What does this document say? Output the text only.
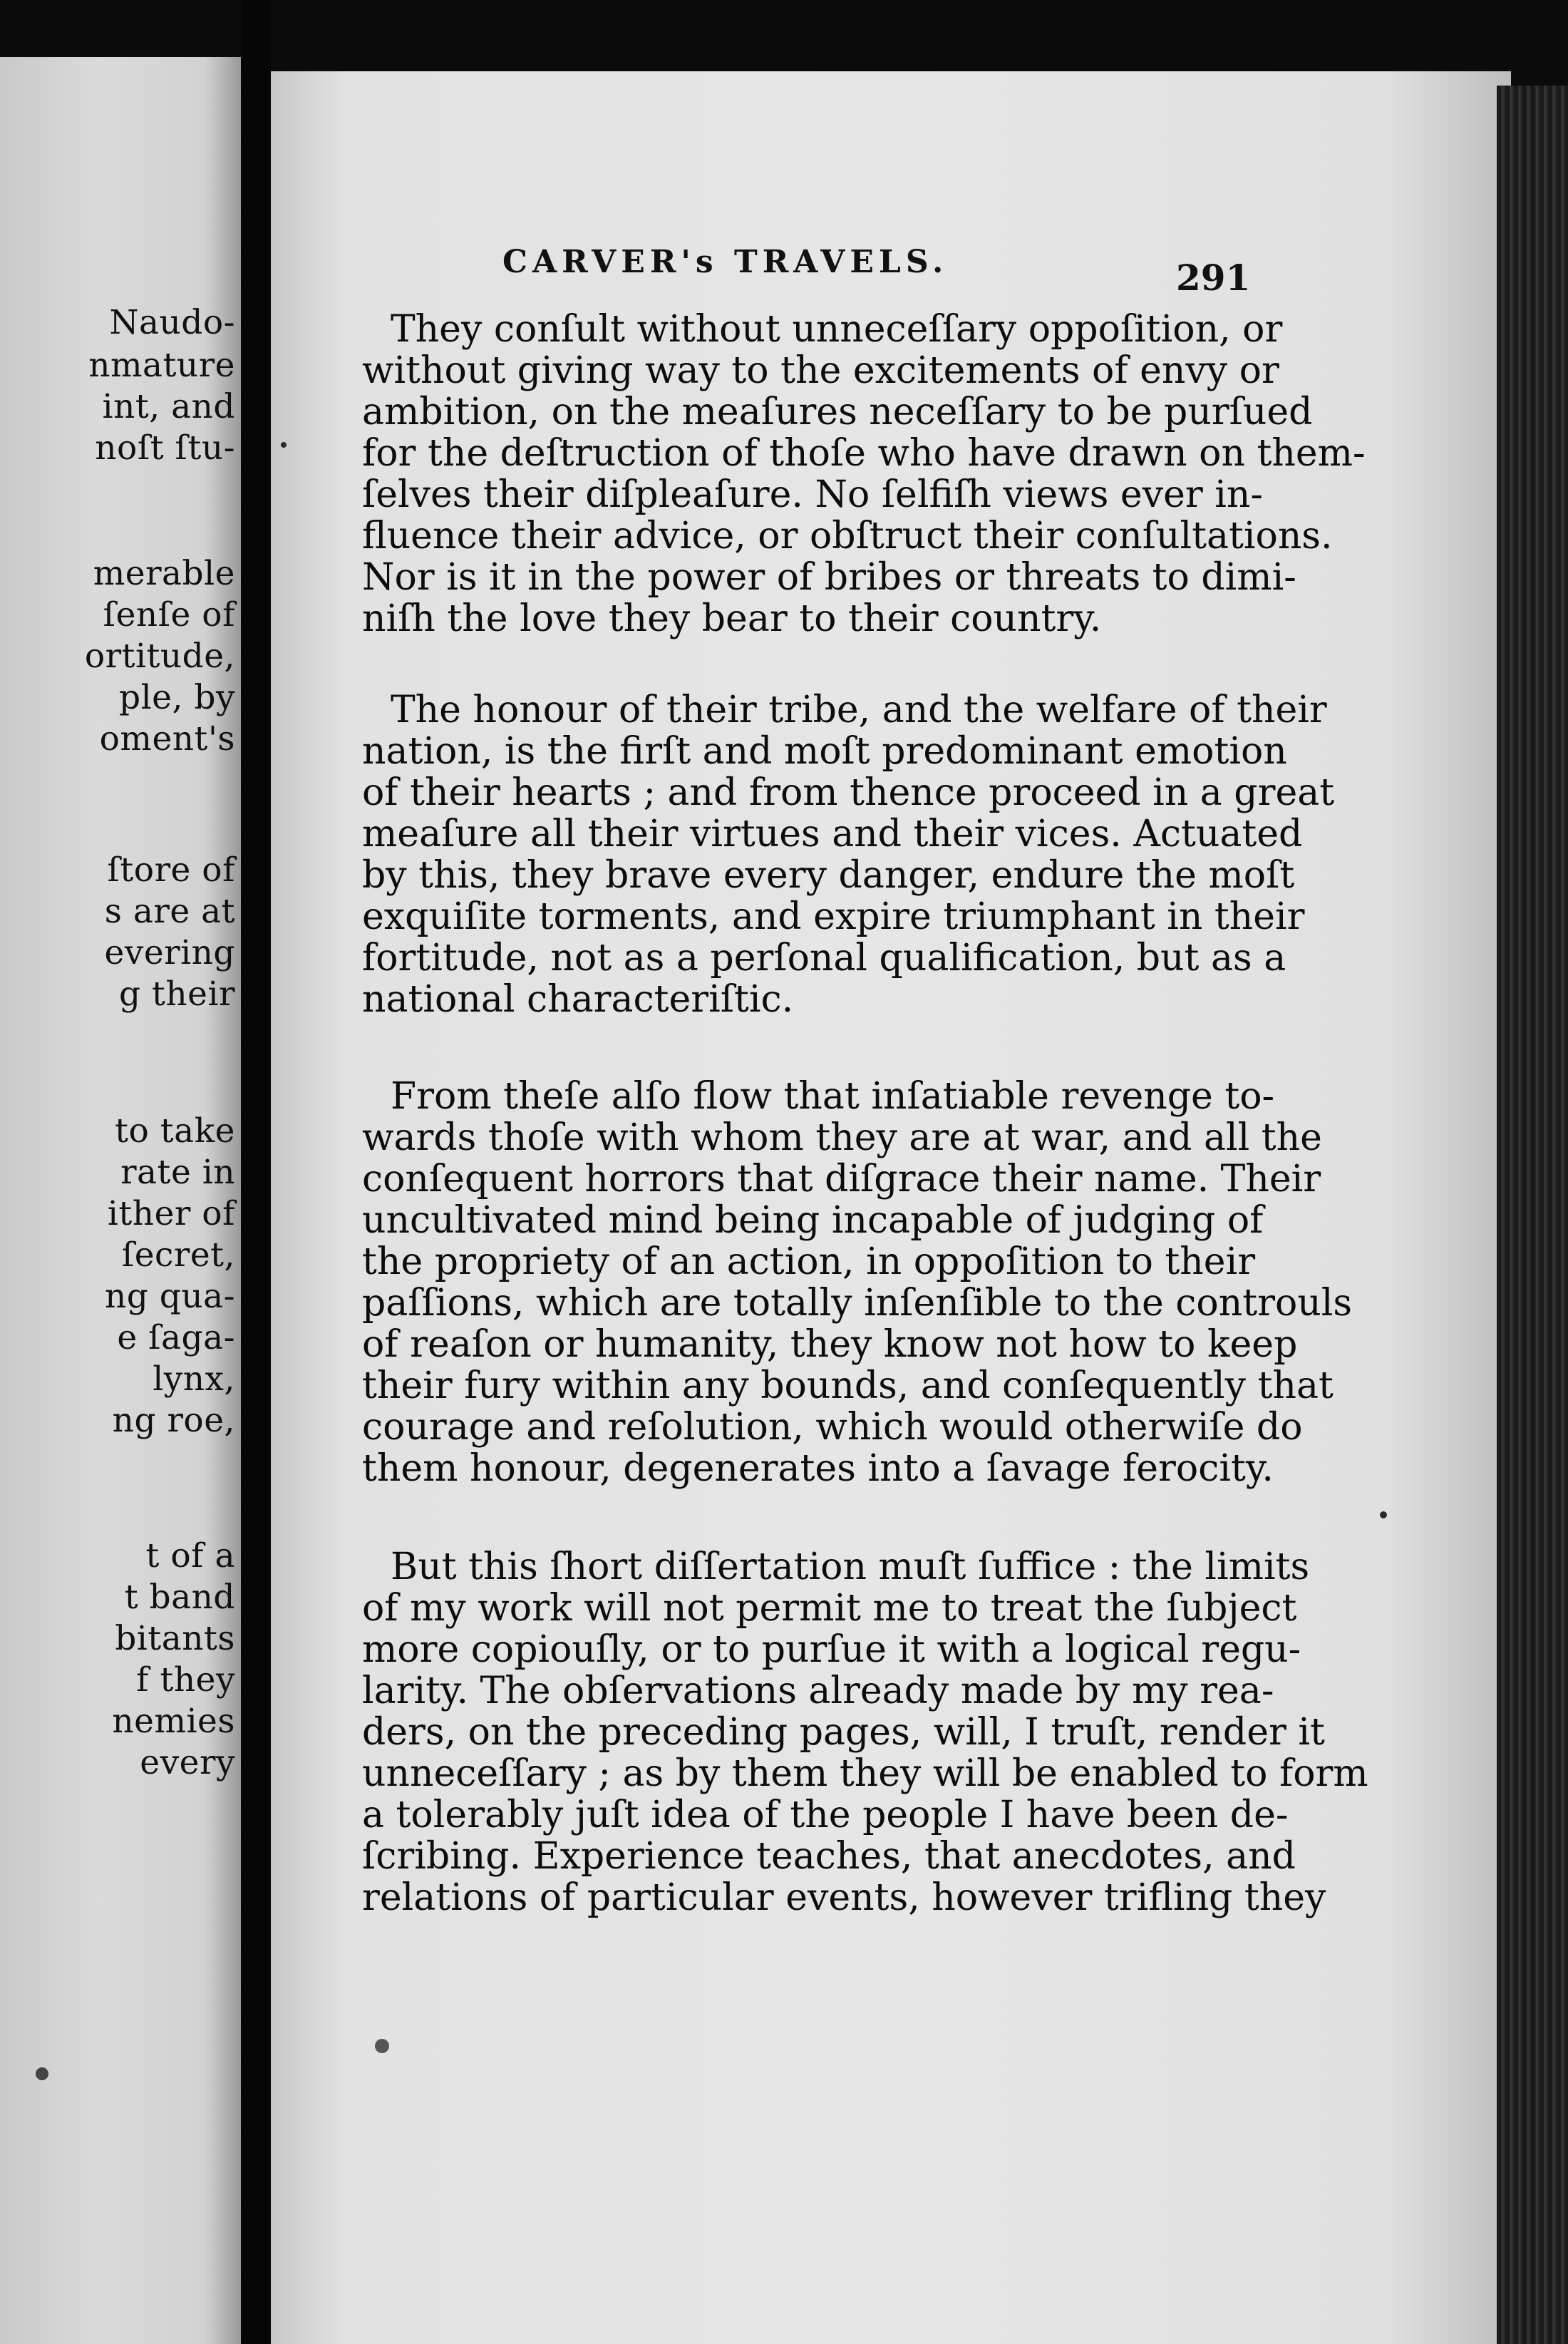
Naudo-
nmature
int, and
noſt ſtu-
merable
ſenſe of
ortitude,
ple, by
oment's
ſtore of
s are at
evering
g their
to take
rate in
ither of
ſecret,
ng qua-
e ſaga-
lynx,
ng roe,
t of a
t band
bitants
f they
nemies
every
CARVER's TRAVELS.	291
They conſult without unneceſſary oppoſition, or
without giving way to the excitements of envy or
ambition, on the meaſures neceſſary to be purſued
for the deſtruction of thoſe who have drawn on them-
ſelves their diſpleaſure. No ſelfiſh views ever in-
fluence their advice, or obſtruct their conſultations.
Nor is it in the power of bribes or threats to dimi-
niſh the love they bear to their country.
The honour of their tribe, and the welfare of their
nation, is the firſt and moſt predominant emotion
of their hearts ; and from thence proceed in a great
meaſure all their virtues and their vices. Actuated
by this, they brave every danger, endure the moſt
exquiſite torments, and expire triumphant in their
fortitude, not as a perſonal qualification, but as a
national characteriſtic.
From theſe alſo flow that inſatiable revenge to-
wards thoſe with whom they are at war, and all the
conſequent horrors that diſgrace their name. Their
uncultivated mind being incapable of judging of
the propriety of an action, in oppoſition to their
paſſions, which are totally inſenſible to the controuls
of reaſon or humanity, they know not how to keep
their fury within any bounds, and conſequently that
courage and reſolution, which would otherwiſe do
them honour, degenerates into a ſavage ferocity.
But this ſhort diſſertation muſt ſuffice : the limits
of my work will not permit me to treat the ſubject
more copiouſly, or to purſue it with a logical regu-
larity. The obſervations already made by my rea-
ders, on the preceding pages, will, I truſt, render it
unneceſſary ; as by them they will be enabled to form
a tolerably juſt idea of the people I have been de-
ſcribing. Experience teaches, that anecdotes, and
relations of particular events, however trifling they
